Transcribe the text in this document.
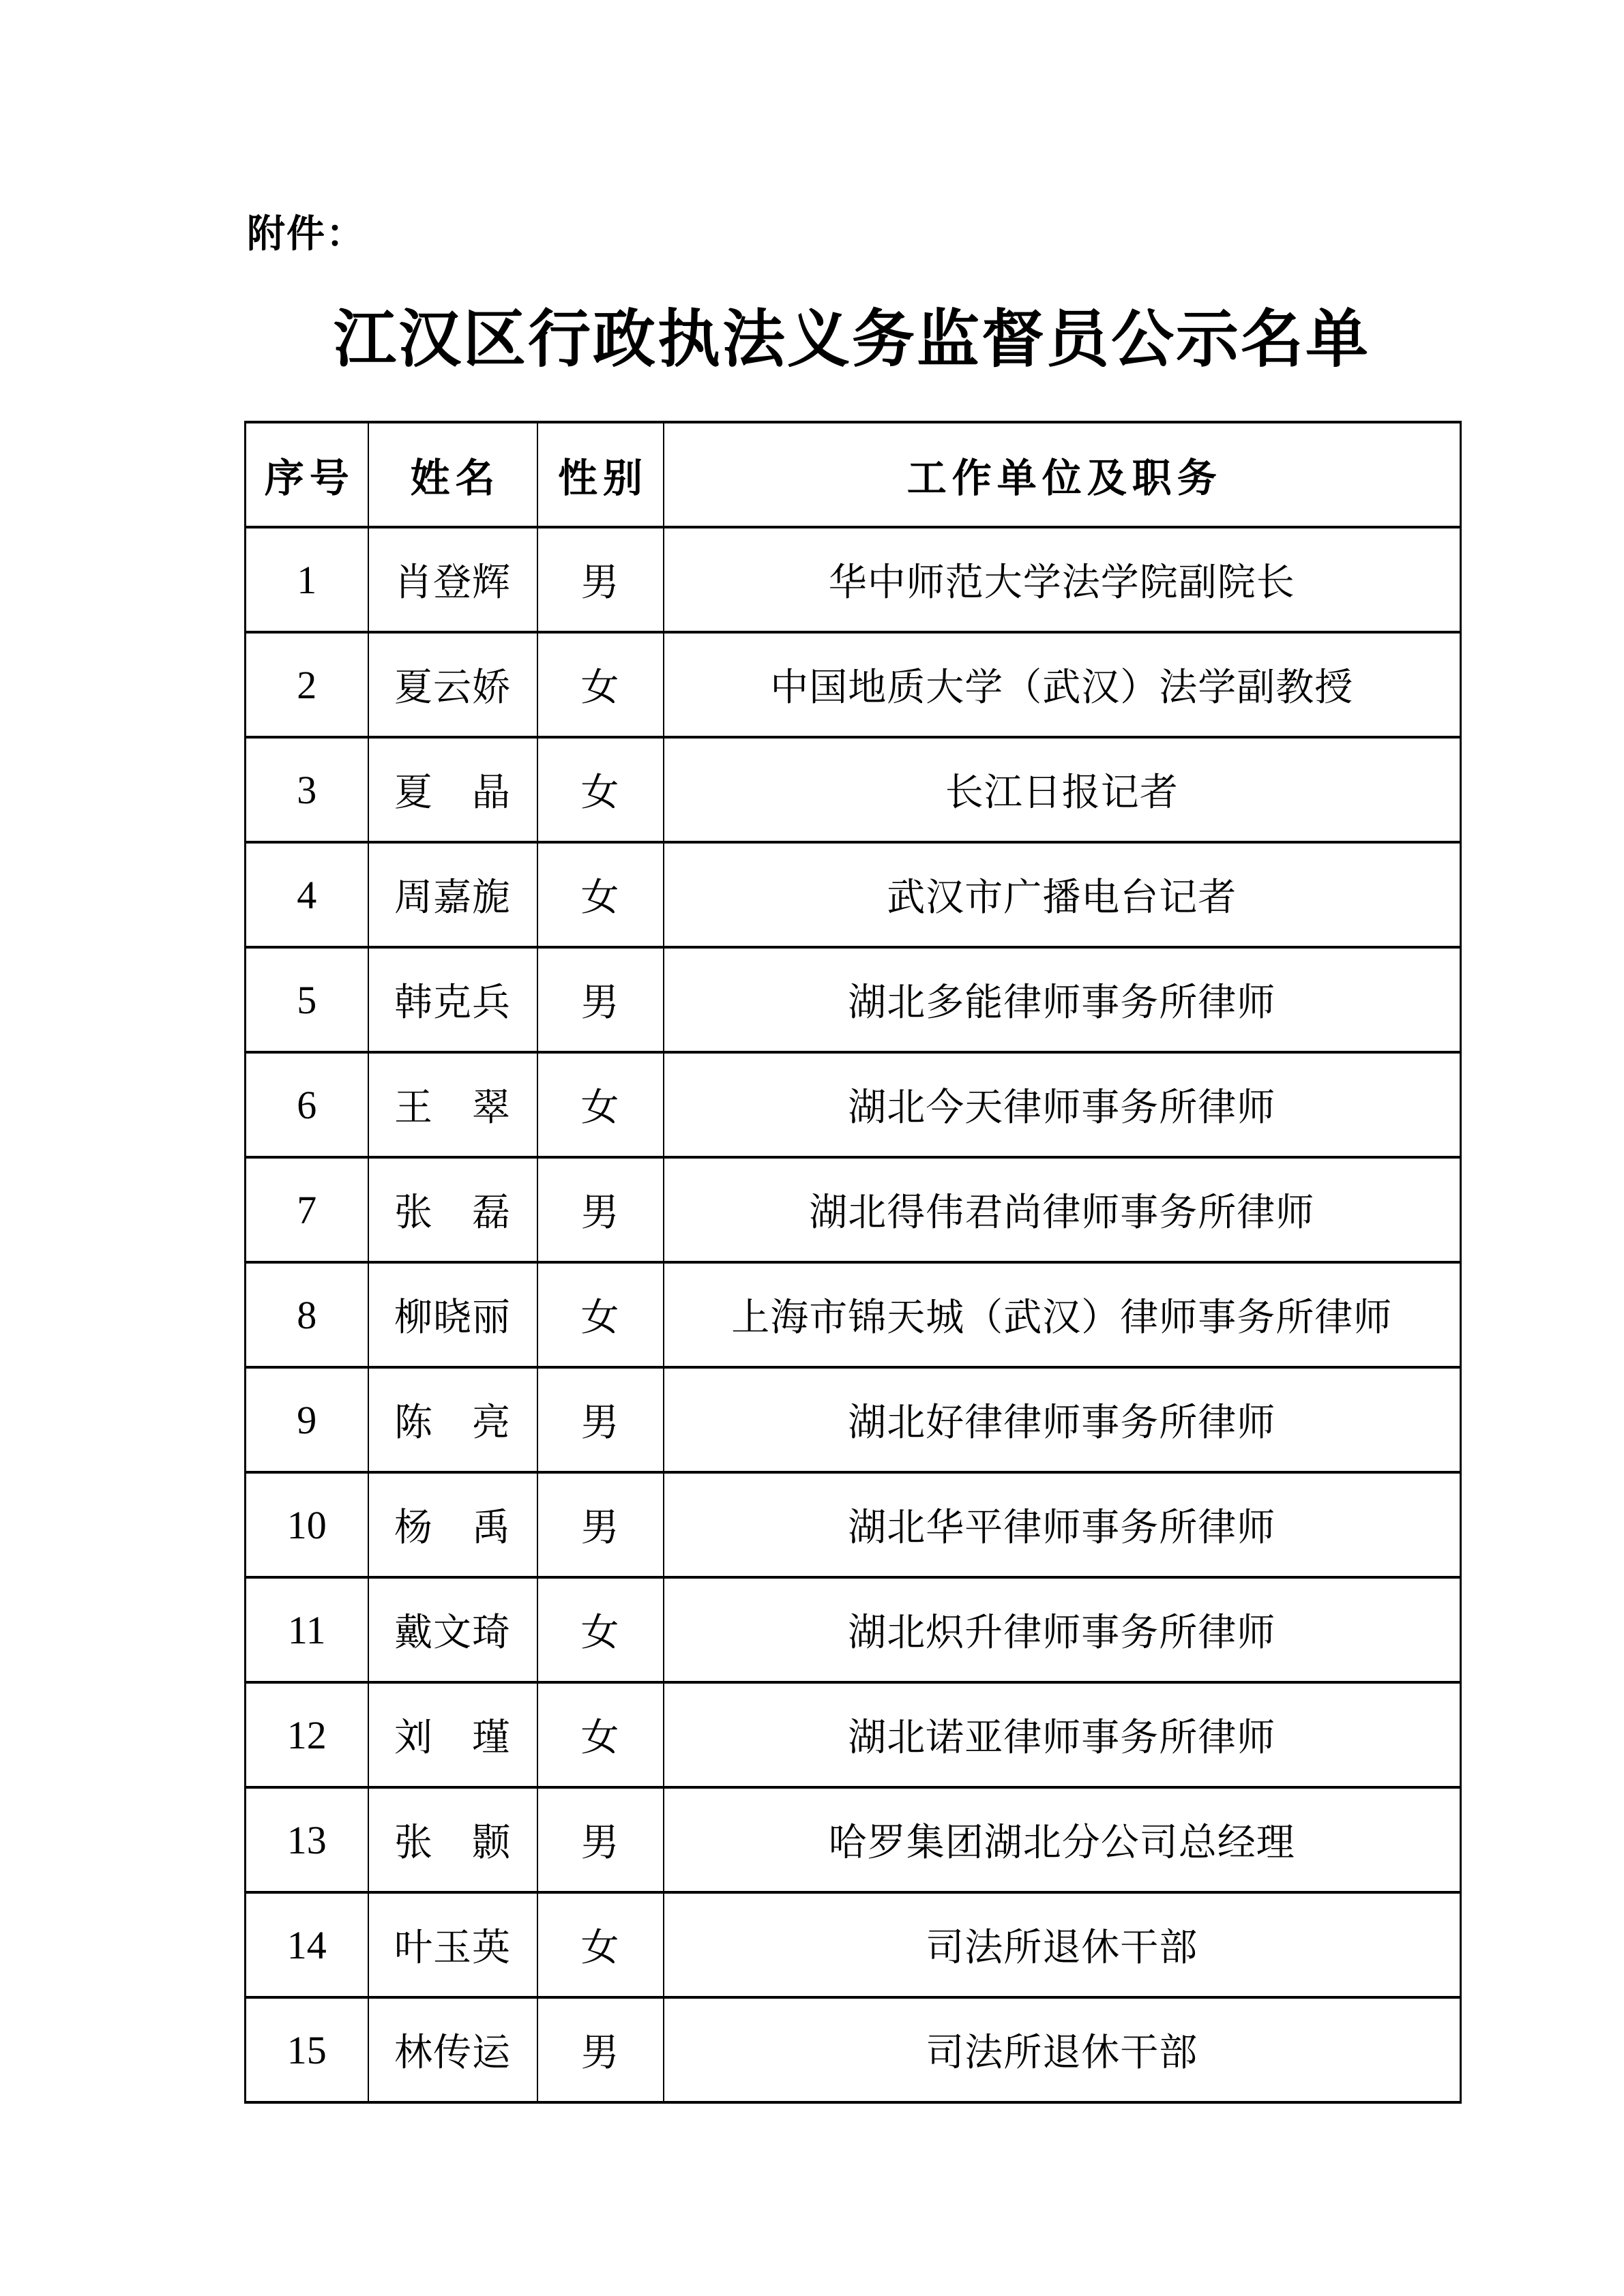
附件：
江汉区行政执法义务监督员公示名单
序号	姓名	性别	工作单位及职务
1	肖登辉	男	华中师范大学法学院副院长
2	夏云娇	女	中国地质大学（武汉）法学副教授
3	夏　晶	女	长江日报记者
4	周嘉旎	女	武汉市广播电台记者
5	韩克兵	男	湖北多能律师事务所律师
6	王　翠	女	湖北今天律师事务所律师
7	张　磊	男	湖北得伟君尚律师事务所律师
8	柳晓丽	女	上海市锦天城（武汉）律师事务所律师
9	陈　亮	男	湖北好律律师事务所律师
10	杨　禹	男	湖北华平律师事务所律师
11	戴文琦	女	湖北炽升律师事务所律师
12	刘　瑾	女	湖北诺亚律师事务所律师
13	张　颢	男	哈罗集团湖北分公司总经理
14	叶玉英	女	司法所退休干部
15	林传运	男	司法所退休干部
